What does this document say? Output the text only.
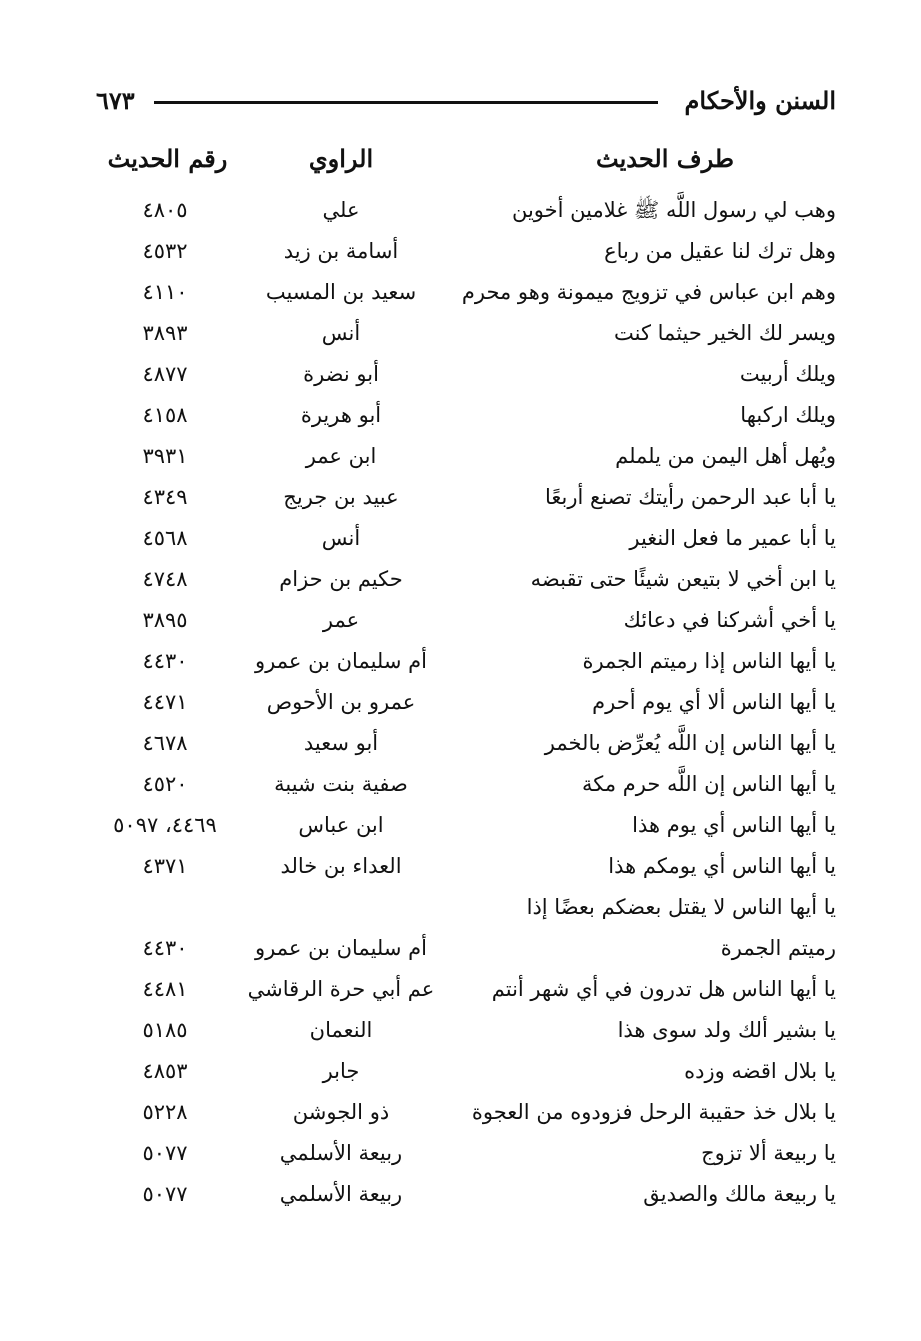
السنن والأحكام
٦٧٣
طرف الحديث
الراوي
رقم الحديث
وهب لي رسول اللَّه ﷺ غلامين أخوين
علي
٤٨٠٥
وهل ترك لنا عقيل من رباع
أسامة بن زيد
٤٥٣٢
وهم ابن عباس في تزويج ميمونة وهو محرم
سعيد بن المسيب
٤١١٠
ويسر لك الخير حيثما كنت
أنس
٣٨٩٣
ويلك أربيت
أبو نضرة
٤٨٧٧
ويلك اركبها
أبو هريرة
٤١٥٨
ويُهل أهل اليمن من يلملم
ابن عمر
٣٩٣١
يا أبا عبد الرحمن رأيتك تصنع أربعًا
عبيد بن جريج
٤٣٤٩
يا أبا عمير ما فعل النغير
أنس
٤٥٦٨
يا ابن أخي لا بتيعن شيئًا حتى تقبضه
حكيم بن حزام
٤٧٤٨
يا أخي أشركنا في دعائك
عمر
٣٨٩٥
يا أيها الناس إذا رميتم الجمرة
أم سليمان بن عمرو
٤٤٣٠
يا أيها الناس ألا أي يوم أحرم
عمرو بن الأحوص
٤٤٧١
يا أيها الناس إن اللَّه يُعرِّض بالخمر
أبو سعيد
٤٦٧٨
يا أيها الناس إن اللَّه حرم مكة
صفية بنت شيبة
٤٥٢٠
يا أيها الناس أي يوم هذا
ابن عباس
٤٤٦٩، ٥٠٩٧
يا أيها الناس أي يومكم هذا
العداء بن خالد
٤٣٧١
يا أيها الناس لا يقتل بعضكم بعضًا إذا
رميتم الجمرة
أم سليمان بن عمرو
٤٤٣٠
يا أيها الناس هل تدرون في أي شهر أنتم
عم أبي حرة الرقاشي
٤٤٨١
يا بشير ألك ولد سوى هذا
النعمان
٥١٨٥
يا بلال اقضه وزده
جابر
٤٨٥٣
يا بلال خذ حقيبة الرحل فزودوه من العجوة
ذو الجوشن
٥٢٢٨
يا ربيعة ألا تزوج
ربيعة الأسلمي
٥٠٧٧
يا ربيعة مالك والصديق
ربيعة الأسلمي
٥٠٧٧
